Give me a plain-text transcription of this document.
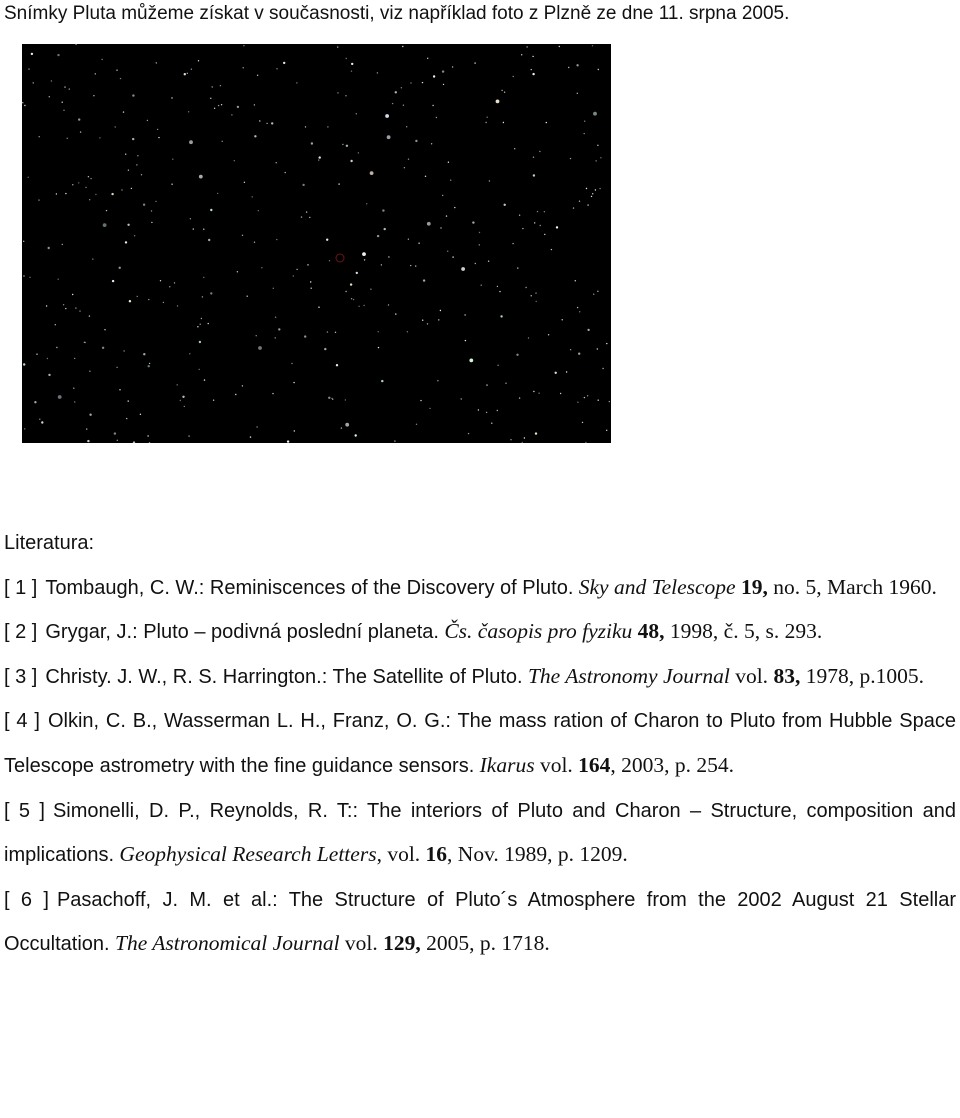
Snímky Pluta můžeme získat v současnosti, viz například foto z Plzně ze dne 11. srpna 2005.
Literatura:

[ 1 ] Tombaugh, C. W.: Reminiscences of the Discovery of Pluto. Sky and Telescope 19, no. 5, March 1960.

[ 2 ] Grygar, J.: Pluto – podivná poslední planeta. Čs. časopis pro fyziku 48, 1998, č. 5, s. 293.

[ 3 ] Christy. J. W., R. S. Harrington.: The Satellite of Pluto. The Astronomy Journal vol. 83, 1978, p.1005.

[ 4 ] Olkin, C. B., Wasserman L. H., Franz, O. G.: The mass ration of Charon to Pluto from Hubble Space Telescope astrometry with the fine guidance sensors. Ikarus vol. 164, 2003, p. 254.

[ 5 ] Simonelli, D. P., Reynolds, R. T:: The interiors of Pluto and Charon – Structure, composition and implications. Geophysical Research Letters, vol. 16, Nov. 1989, p. 1209.

[ 6 ] Pasachoff, J. M. et al.: The Structure of Pluto´s Atmosphere from the 2002 August 21 Stellar Occultation. The Astronomical Journal vol. 129, 2005, p. 1718.
